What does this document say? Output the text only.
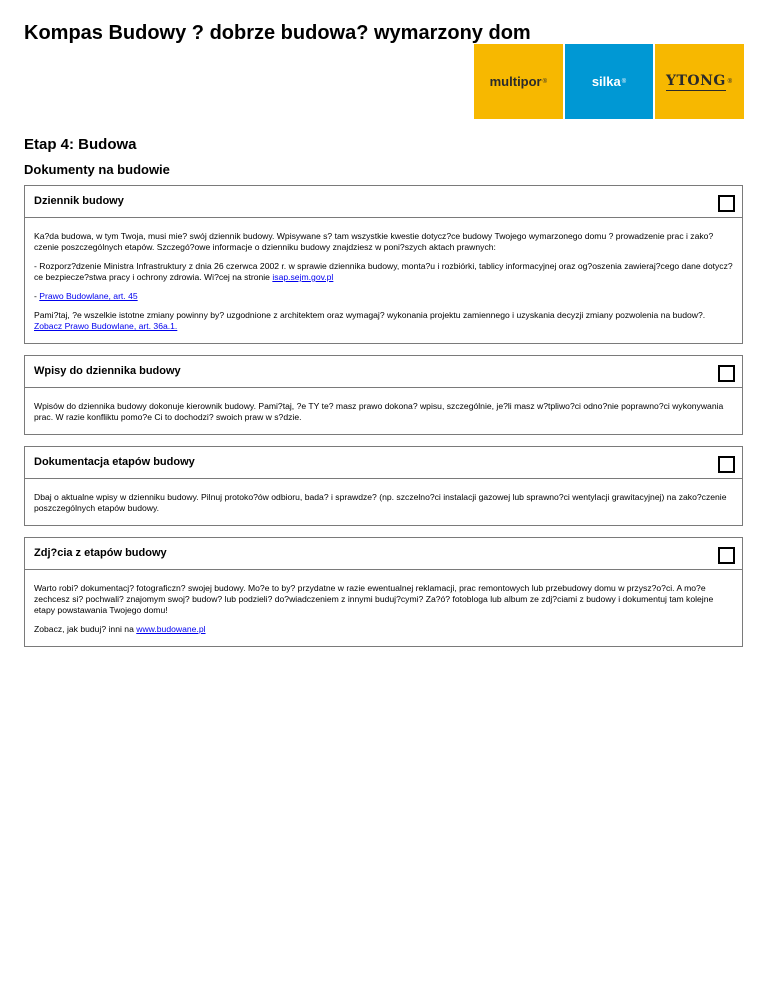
Kompas Budowy ? dobrze budowa? wymarzony dom
multipor ®	silka ®	YTONG ®
Etap 4: Budowa
Dokumenty na budowie
Dziennik budowy

Ka?da budowa, w tym Twoja, musi mie? swój dziennik budowy. Wpisywane s? tam wszystkie kwestie dotycz?ce budowy Twojego wymarzonego domu ? prowadzenie prac i zako?czenie poszczególnych etapów. Szczegó?owe informacje o dzienniku budowy znajdziesz w poni?szych aktach prawnych:

- Rozporz?dzenie Ministra Infrastruktury z dnia 26 czerwca 2002 r. w sprawie dziennika budowy, monta?u i rozbiórki, tablicy informacyjnej oraz og?oszenia zawieraj?cego dane dotycz?ce bezpiecze?stwa pracy i ochrony zdrowia. Wi?cej na stronie isap.sejm.gov.pl

- Prawo Budowlane, art. 45

Pami?taj, ?e wszelkie istotne zmiany powinny by? uzgodnione z architektem oraz wymagaj? wykonania projektu zamiennego i uzyskania decyzji zmiany pozwolenia na budow?. Zobacz Prawo Budowlane, art. 36a.1.

Wpisy do dziennika budowy

Wpisów do dziennika budowy dokonuje kierownik budowy. Pami?taj, ?e TY te? masz prawo dokona? wpisu, szczególnie, je?li masz w?tpliwo?ci odno?nie poprawno?ci wykonywania prac. W razie konfliktu pomo?e Ci to dochodzi? swoich praw w s?dzie.

Dokumentacja etapów budowy

Dbaj o aktualne wpisy w dzienniku budowy. Pilnuj protoko?ów odbioru, bada? i sprawdze? (np. szczelno?ci instalacji gazowej lub sprawno?ci wentylacji grawitacyjnej) na zako?czenie poszczególnych etapów budowy.

Zdj?cia z etapów budowy

Warto robi? dokumentacj? fotograficzn? swojej budowy. Mo?e to by? przydatne w razie ewentualnej reklamacji, prac remontowych lub przebudowy domu w przysz?o?ci. A mo?e zechcesz si? pochwali? znajomym swoj? budow? lub podzieli? do?wiadczeniem z innymi buduj?cymi? Za?ó? fotobloga lub album ze zdj?ciami z budowy i dokumentuj tam kolejne etapy powstawania Twojego domu!

Zobacz, jak buduj? inni na www.budowane.pl
